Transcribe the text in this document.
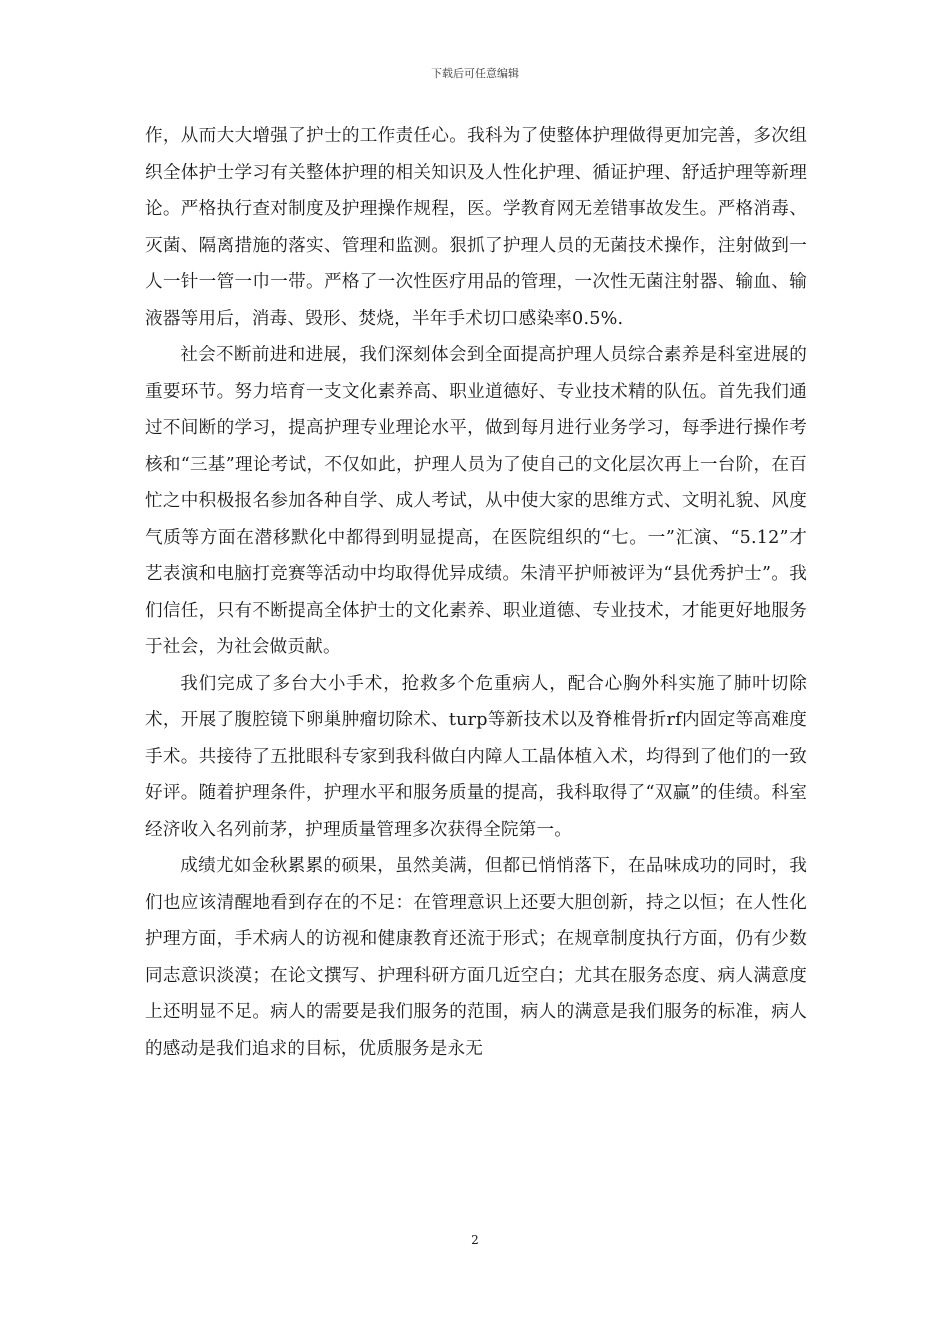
下载后可任意编辑

作，从而大大增强了护士的工作责任心。我科为了使整体护理做得更加完善，多次组织全体护士学习有关整体护理的相关知识及人性化护理、循证护理、舒适护理等新理论。严格执行查对制度及护理操作规程，医。学教育网无差错事故发生。严格消毒、灭菌、隔离措施的落实、管理和监测。狠抓了护理人员的无菌技术操作，注射做到一人一针一管一巾一带。严格了一次性医疗用品的管理，一次性无菌注射器、输血、输液器等用后，消毒、毁形、焚烧，半年手术切口感染率0.5%.

社会不断前进和进展，我们深刻体会到全面提高护理人员综合素养是科室进展的重要环节。努力培育一支文化素养高、职业道德好、专业技术精的队伍。首先我们通过不间断的学习，提高护理专业理论水平，做到每月进行业务学习，每季进行操作考核和“三基”理论考试，不仅如此，护理人员为了使自己的文化层次再上一台阶，在百忙之中积极报名参加各种自学、成人考试，从中使大家的思维方式、文明礼貌、风度气质等方面在潜移默化中都得到明显提高，在医院组织的“七。一”汇演、“5.12”才艺表演和电脑打竞赛等活动中均取得优异成绩。朱清平护师被评为“县优秀护士”。我们信任，只有不断提高全体护士的文化素养、职业道德、专业技术，才能更好地服务于社会，为社会做贡献。

我们完成了多台大小手术，抢救多个危重病人，配合心胸外科实施了肺叶切除术，开展了腹腔镜下卵巢肿瘤切除术、turp等新技术以及脊椎骨折rf内固定等高难度手术。共接待了五批眼科专家到我科做白内障人工晶体植入术，均得到了他们的一致好评。随着护理条件，护理水平和服务质量的提高，我科取得了“双赢”的佳绩。科室经济收入名列前茅，护理质量管理多次获得全院第一。

成绩尤如金秋累累的硕果，虽然美满，但都已悄悄落下，在品味成功的同时，我们也应该清醒地看到存在的不足：在管理意识上还要大胆创新，持之以恒；在人性化护理方面，手术病人的访视和健康教育还流于形式；在规章制度执行方面，仍有少数同志意识淡漠；在论文撰写、护理科研方面几近空白；尤其在服务态度、病人满意度上还明显不足。病人的需要是我们服务的范围，病人的满意是我们服务的标准，病人的感动是我们追求的目标，优质服务是永无

2
